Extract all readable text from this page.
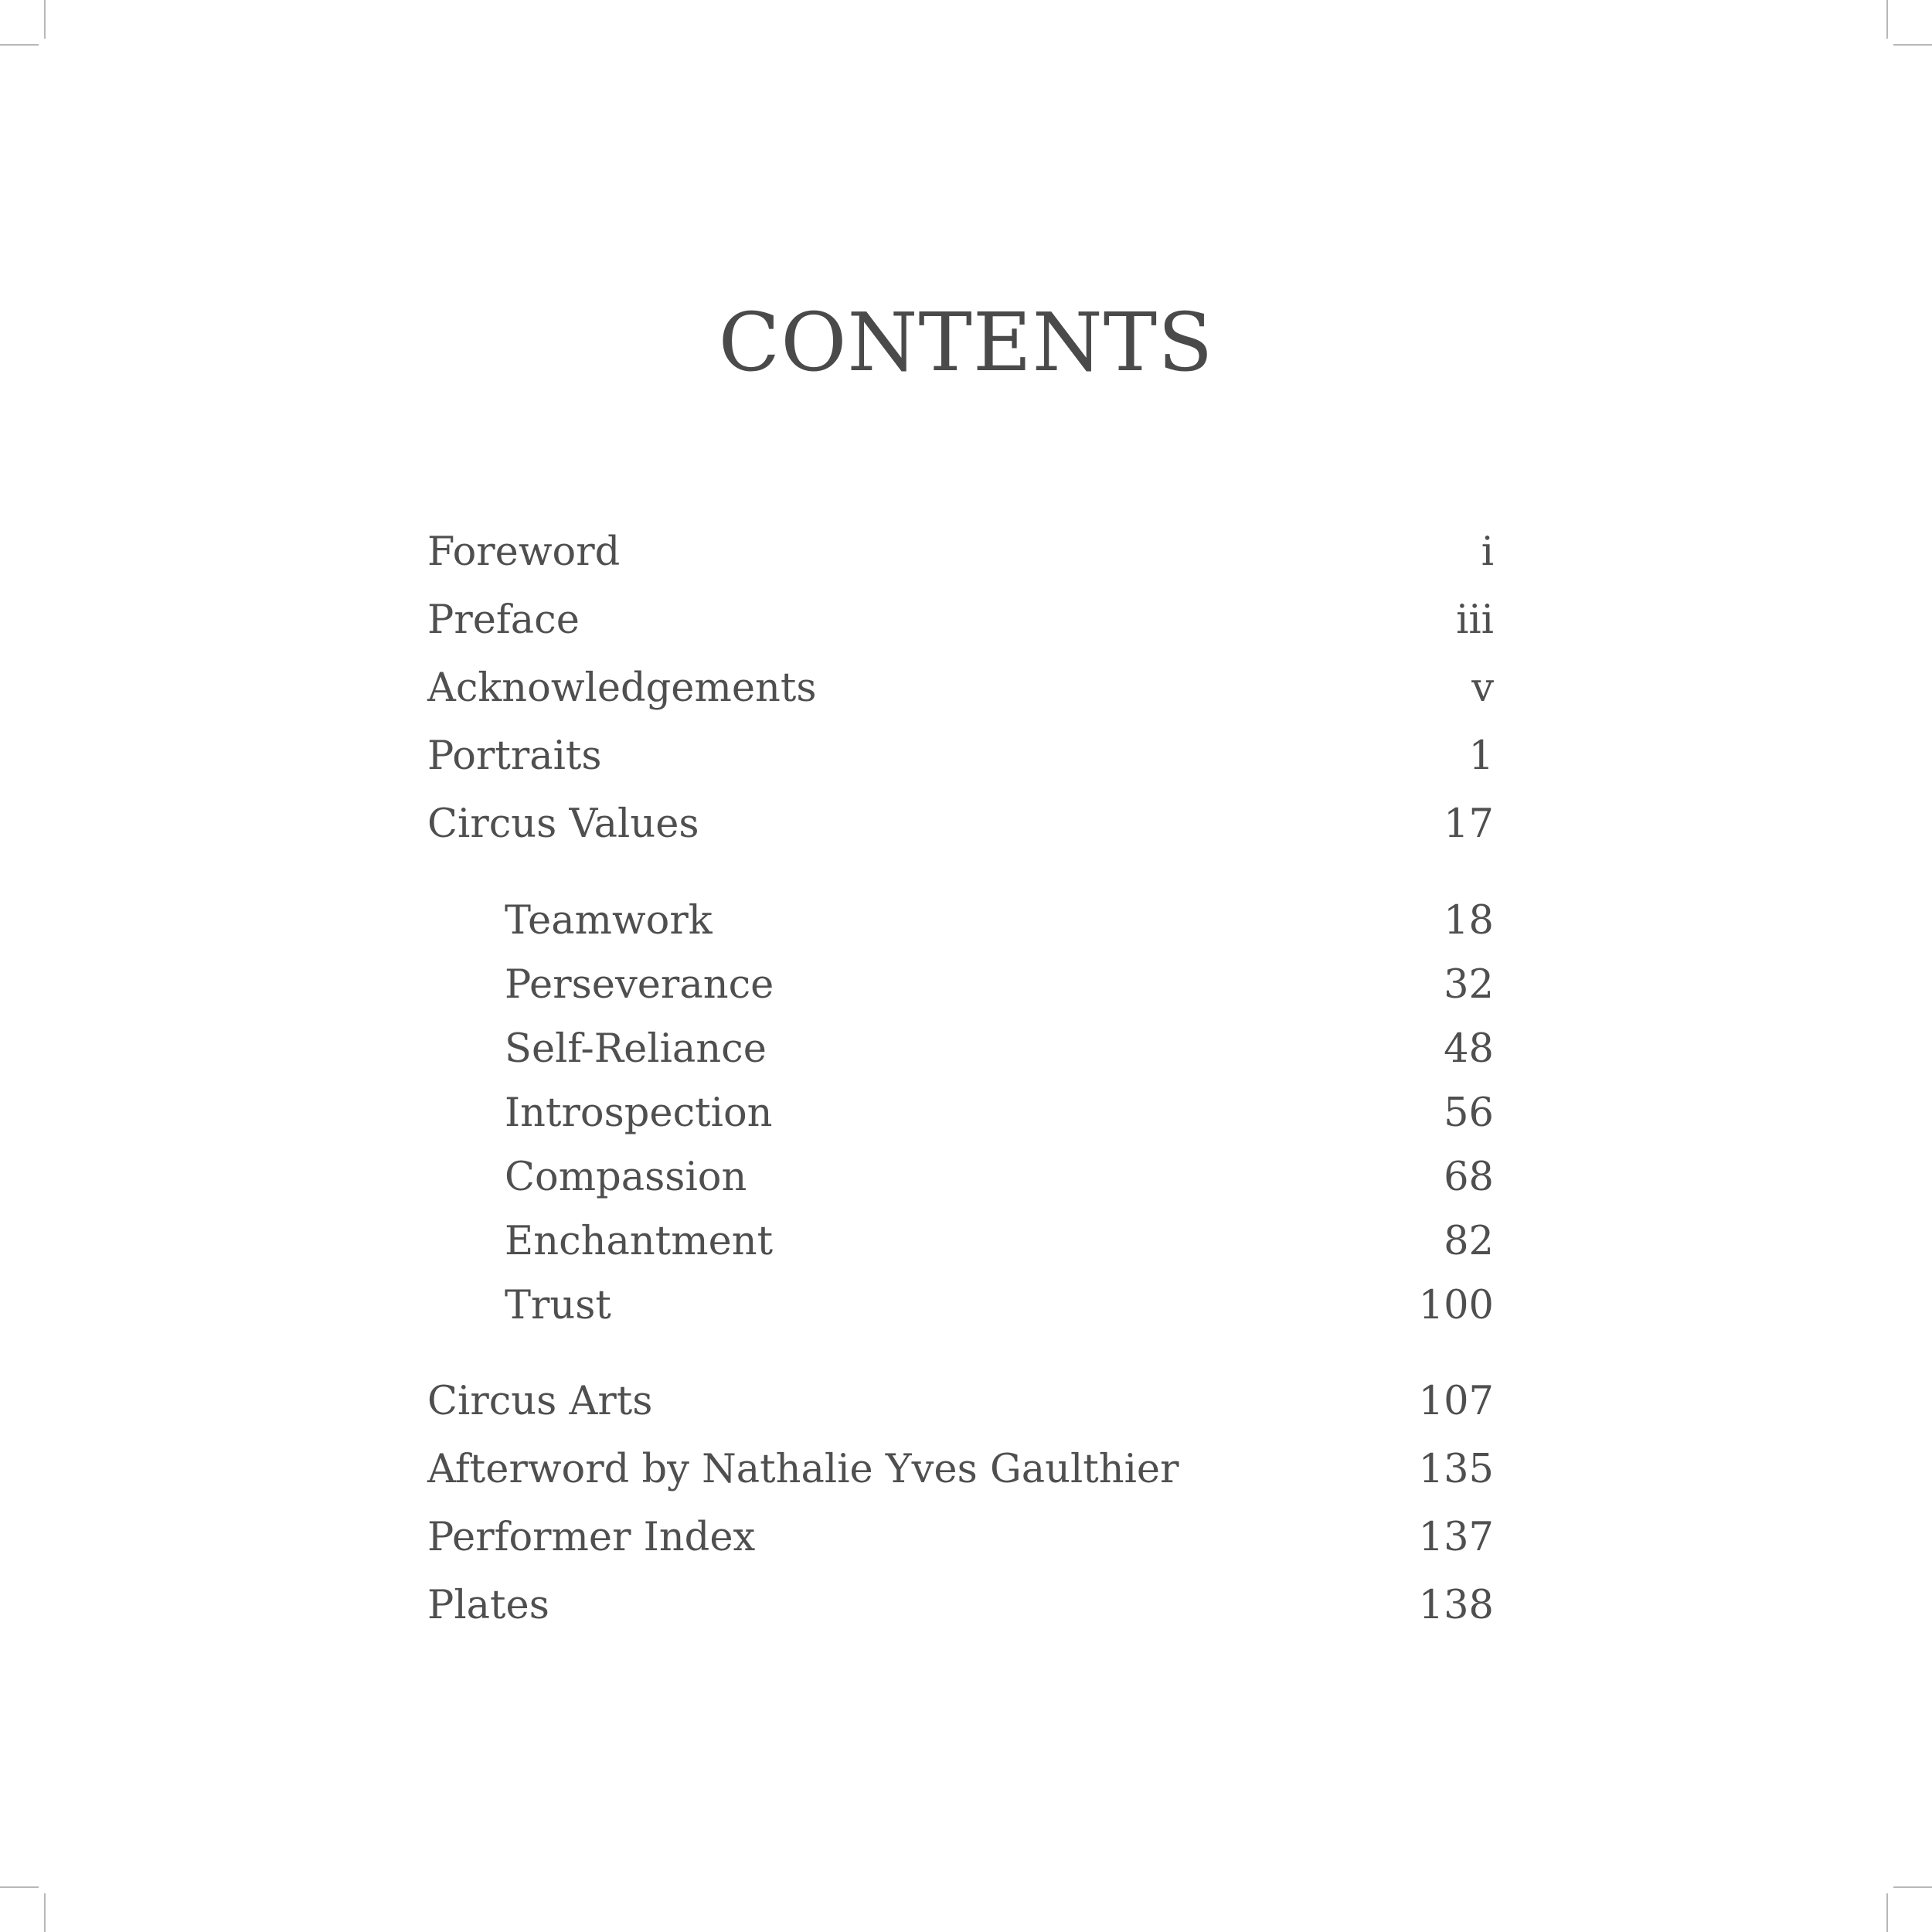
CONTENTS
Foreword	i
Preface	iii
Acknowledgements	v
Portraits	1
Circus Values	17
Teamwork	18
Perseverance	32
Self-Reliance	48
Introspection	56
Compassion	68
Enchantment	82
Trust	100
Circus Arts	107
Afterword by Nathalie Yves Gaulthier	135
Performer Index	137
Plates	138
